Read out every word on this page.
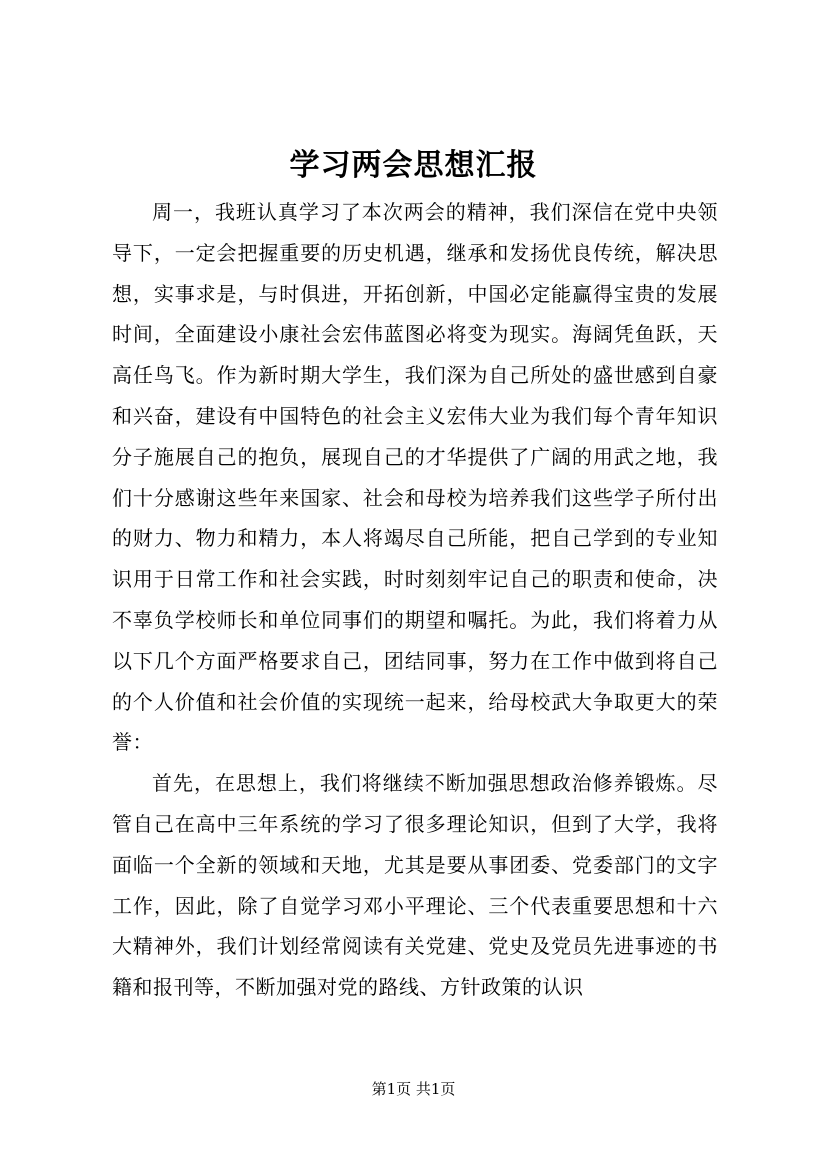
学习两会思想汇报

周一，我班认真学习了本次两会的精神，我们深信在党中央领导下，一定会把握重要的历史机遇，继承和发扬优良传统，解决思想，实事求是，与时俱进，开拓创新，中国必定能赢得宝贵的发展时间，全面建设小康社会宏伟蓝图必将变为现实。海阔凭鱼跃，天高任鸟飞。作为新时期大学生，我们深为自己所处的盛世感到自豪和兴奋，建设有中国特色的社会主义宏伟大业为我们每个青年知识分子施展自己的抱负，展现自己的才华提供了广阔的用武之地，我们十分感谢这些年来国家、社会和母校为培养我们这些学子所付出的财力、物力和精力，本人将竭尽自己所能，把自己学到的专业知识用于日常工作和社会实践，时时刻刻牢记自己的职责和使命，决不辜负学校师长和单位同事们的期望和嘱托。为此，我们将着力从以下几个方面严格要求自己，团结同事，努力在工作中做到将自己的个人价值和社会价值的实现统一起来，给母校武大争取更大的荣誉：

首先，在思想上，我们将继续不断加强思想政治修养锻炼。尽管自己在高中三年系统的学习了很多理论知识，但到了大学，我将面临一个全新的领域和天地，尤其是要从事团委、党委部门的文字工作，因此，除了自觉学习邓小平理论、三个代表重要思想和十六大精神外，我们计划经常阅读有关党建、党史及党员先进事迹的书籍和报刊等，不断加强对党的路线、方针政策的认识

第1页 共1页
